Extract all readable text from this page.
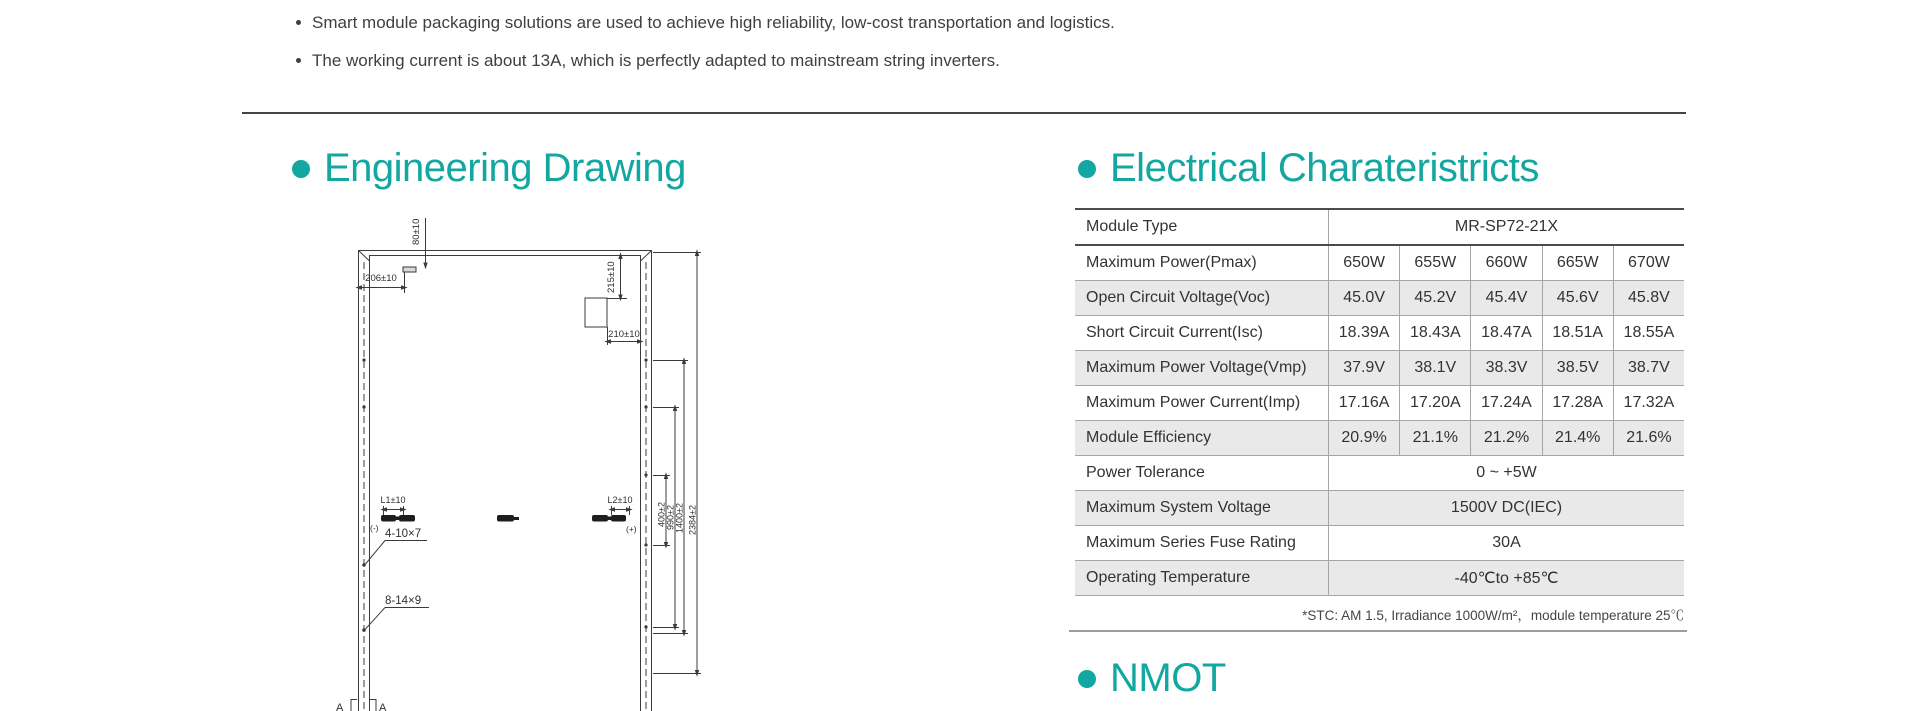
Smart module packaging solutions are used to achieve high reliability, low-cost transportation and logistics.
The working current is about 13A, which is perfectly adapted to mainstream string inverters.
Engineering Drawing	Electrical Charateristricts
NMOT
80±10
206±10	215±10
210±10
L1±10	L2±10
(-)	(+)
4-10×7
8-14×9
400±2 990±2 1400±2 2384±2
A	A
Module Type	MR-SP72-21X
Maximum Power(Pmax)	650W	655W	660W	665W	670W
Open Circuit Voltage(Voc)	45.0V	45.2V	45.4V	45.6V	45.8V
Short Circuit Current(Isc)	18.39A	18.43A	18.47A	18.51A	18.55A
Maximum Power Voltage(Vmp)	37.9V	38.1V	38.3V	38.5V	38.7V
Maximum Power Current(Imp)	17.16A	17.20A	17.24A	17.28A	17.32A
Module Efficiency	20.9%	21.1%	21.2%	21.4%	21.6%
Power Tolerance	0 ~ +5W
Maximum System Voltage	1500V DC(IEC)
Maximum Series Fuse Rating	30A
Operating Temperature	-40℃to +85℃
*STC: AM 1.5, Irradiance 1000W/m²，module temperature 25℃
